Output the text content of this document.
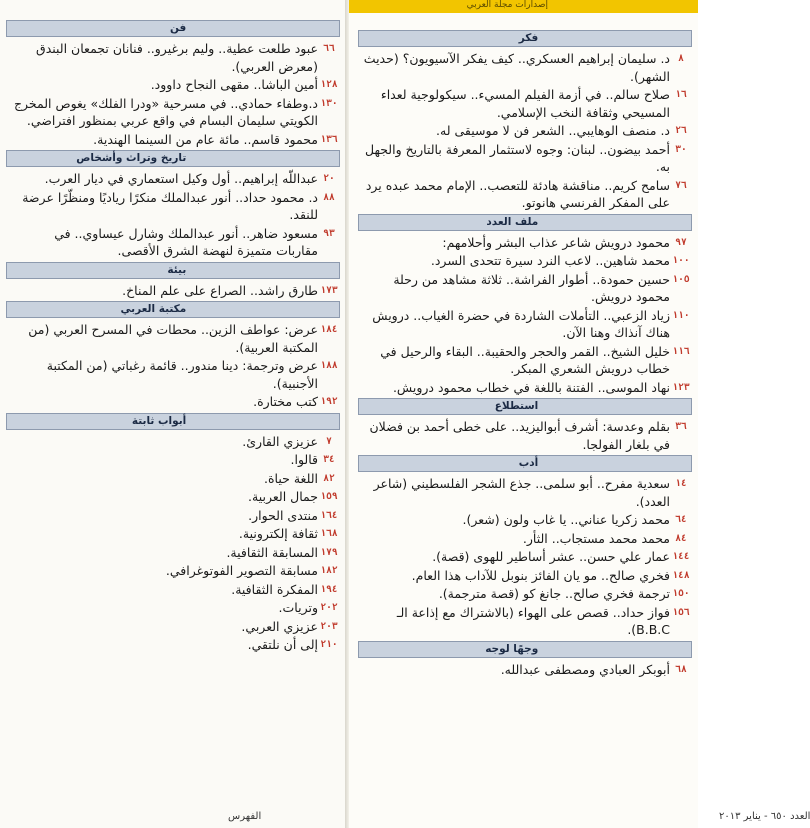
فن
٦٦
عبود طلعت عطية.. وليم برغيرو.. فنانان تجمعان البندق (معرض العربي).
١٢٨
أمين الباشا.. مقهى النجاح داوود.
١٣٠
د.وطفاء حمادي.. في مسرحية «ودرا الفلك» يغوص المخرج الكويتي سليمان البسام في واقع عربي بمنظور افتراضي.
١٣٦
محمود قاسم.. مائة عام من السينما الهندية.
تاريخ وتراث وأشخاص
٢٠
عبداللّه إبراهيم.. أول وكيل استعماري في ديار العرب.
٨٨
د. محمود حداد.. أنور عبدالملك منكرًا رياديًا ومنظّرًا عرضة للنقد.
٩٣
مسعود ضاهر.. أنور عبدالملك وشارل عيساوي.. في مقاربات متميزة لنهضة الشرق الأقصى.
بيئة
١٧٣
طارق راشد.. الصراع على علم المناخ.
مكتبة العربي
١٨٤
عرض: عواطف الزين.. محطات في المسرح العربي (من المكتبة العربية).
١٨٨
عرض وترجمة: دينا مندور.. قائمة رغباتي (من المكتبة الأجنبية).
١٩٢
كتب مختارة.
أبواب ثابتة
٧
عزيزي القارئ.
٣٤
قالوا.
٨٢
اللغة حياة.
١٥٩
جمال العربية.
١٦٤
منتدى الحوار.
١٦٨
ثقافة إلكترونية.
١٧٩
المسابقة الثقافية.
١٨٢
مسابقة التصوير الفوتوغرافي.
١٩٤
المفكرة الثقافية.
٢٠٢
وتريات.
٢٠٣
عزيزي العربي.
٢١٠
إلى أن نلتقي.
الفهرس
إصدارات مجلة العربي
فكر
٨
د. سليمان إبراهيم العسكري.. كيف يفكر الآسيويون؟ (حديث الشهر).
١٦
صلاح سالم.. في أزمة الفيلم المسيء.. سيكولوجية لعداء المسيحي وثقافة النخب الإسلامي.
٢٦
د. منصف الوهايبي.. الشعر فن لا موسيقى له.
٣٠
أحمد بيضون.. لبنان: وجوه لاستثمار المعرفة بالتاريخ والجهل به.
٧٦
سامح كريم.. مناقشة هادئة للتعصب.. الإمام محمد عبده يرد على المفكر الفرنسي هانوتو.
ملف العدد
٩٧
محمود درويش شاعر عذاب البشر وأحلامهم:
١٠٠
محمد شاهين.. لاعب النرد سيرة تتحدى السرد.
١٠٥
حسين حمودة.. أطوار الفراشة.. ثلاثة مشاهد من رحلة محمود درويش.
١١٠
زياد الزعبي.. التأملات الشاردة في حضرة الغياب.. درويش هناك آنذاك وهنا الآن.
١١٦
خليل الشيخ.. القمر والحجر والحقيبة.. البقاء والرحيل في خطاب درويش الشعري المبكر.
١٢٣
نهاد الموسى.. الفتنة باللغة في خطاب محمود درويش.
استطلاع
٣٦
بقلم وعدسة: أشرف أبواليزيد.. على خطى أحمد بن فضلان في بلغار الفولجا.
أدب
١٤
سعدية مفرح.. أبو سلمى.. جذع الشجر الفلسطيني (شاعر العدد).
٦٤
محمد زكريا عناني.. يا غاب ولون (شعر).
٨٤
محمد محمد مستجاب.. الثأر.
١٤٤
عمار علي حسن.. عشر أساطير للهوى (قصة).
١٤٨
فخري صالح.. مو يان الفائز بنوبل للآداب هذا العام.
١٥٠
ترجمة فخري صالح.. جانغ كو (قصة مترجمة).
١٥٦
فواز حداد.. قصص على الهواء (بالاشتراك مع إذاعة الـ B.B.C).
وجهًا لوجه
٦٨
أبوبكر العبادي ومصطفى عبدالله.
العدد ٦٥٠ - يناير ٢٠١٣
